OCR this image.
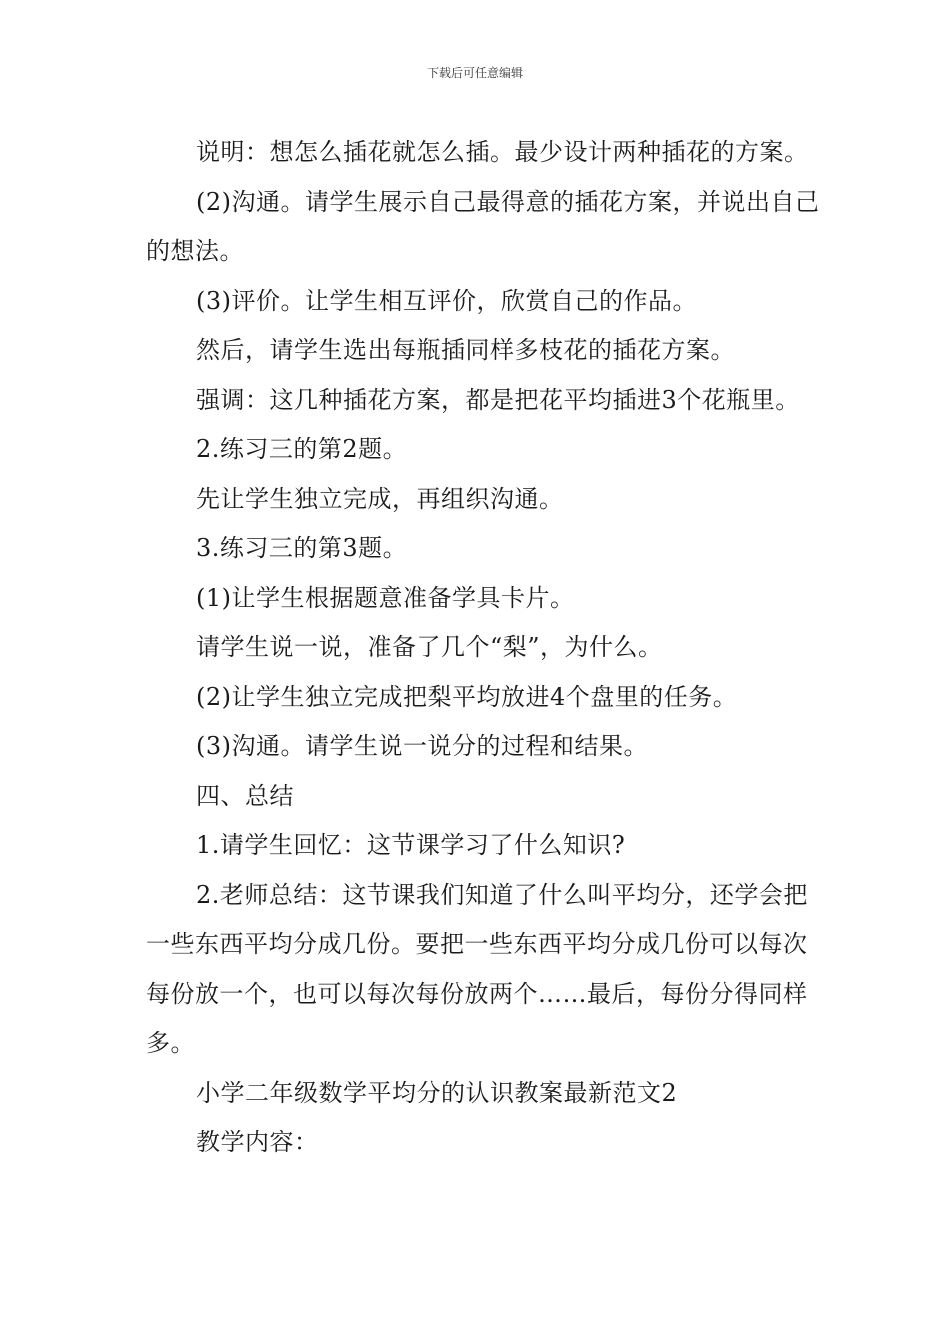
下载后可任意编辑

说明：想怎么插花就怎么插。最少设计两种插花的方案。

(2)沟通。请学生展示自己最得意的插花方案，并说出自己的想法。

(3)评价。让学生相互评价，欣赏自己的作品。

然后，请学生选出每瓶插同样多枝花的插花方案。

强调：这几种插花方案，都是把花平均插进3个花瓶里。

2.练习三的第2题。

先让学生独立完成，再组织沟通。

3.练习三的第3题。

(1)让学生根据题意准备学具卡片。

请学生说一说，准备了几个“梨”，为什么。

(2)让学生独立完成把梨平均放进4个盘里的任务。

(3)沟通。请学生说一说分的过程和结果。

四、总结

1.请学生回忆：这节课学习了什么知识?

2.老师总结：这节课我们知道了什么叫平均分，还学会把一些东西平均分成几份。要把一些东西平均分成几份可以每次每份放一个，也可以每次每份放两个……最后，每份分得同样多。

小学二年级数学平均分的认识教案最新范文2

教学内容：
